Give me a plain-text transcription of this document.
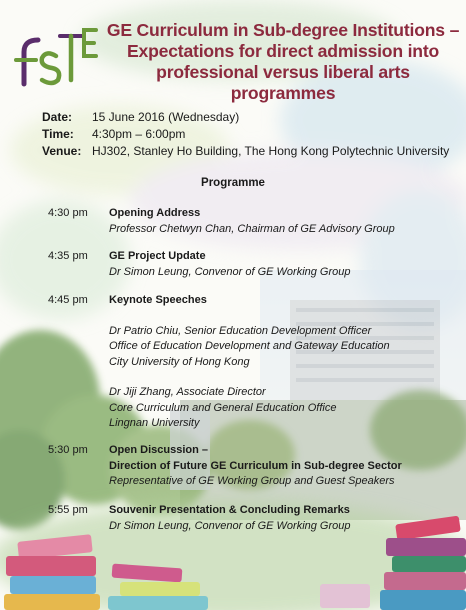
GE Curriculum in Sub-degree Institutions –
Expectations for direct admission into
professional versus liberal arts programmes
Date:	15 June 2016 (Wednesday)
Time:	4:30pm – 6:00pm
Venue: HJ302, Stanley Ho Building, The Hong Kong Polytechnic University
Programme
4:30 pm	Opening Address
Professor Chetwyn Chan, Chairman of GE Advisory Group
4:35 pm	GE Project Update
Dr Simon Leung, Convenor of GE Working Group
4:45 pm	Keynote Speeches
Dr Patrio Chiu, Senior Education Development Officer
Office of Education Development and Gateway Education
City University of Hong Kong
Dr Jiji Zhang, Associate Director
Core Curriculum and General Education Office
Lingnan University
5:30 pm	Open Discussion –
Direction of Future GE Curriculum in Sub-degree Sector
Representative of GE Working Group and Guest Speakers
5:55 pm	Souvenir Presentation & Concluding Remarks
Dr Simon Leung, Convenor of GE Working Group
